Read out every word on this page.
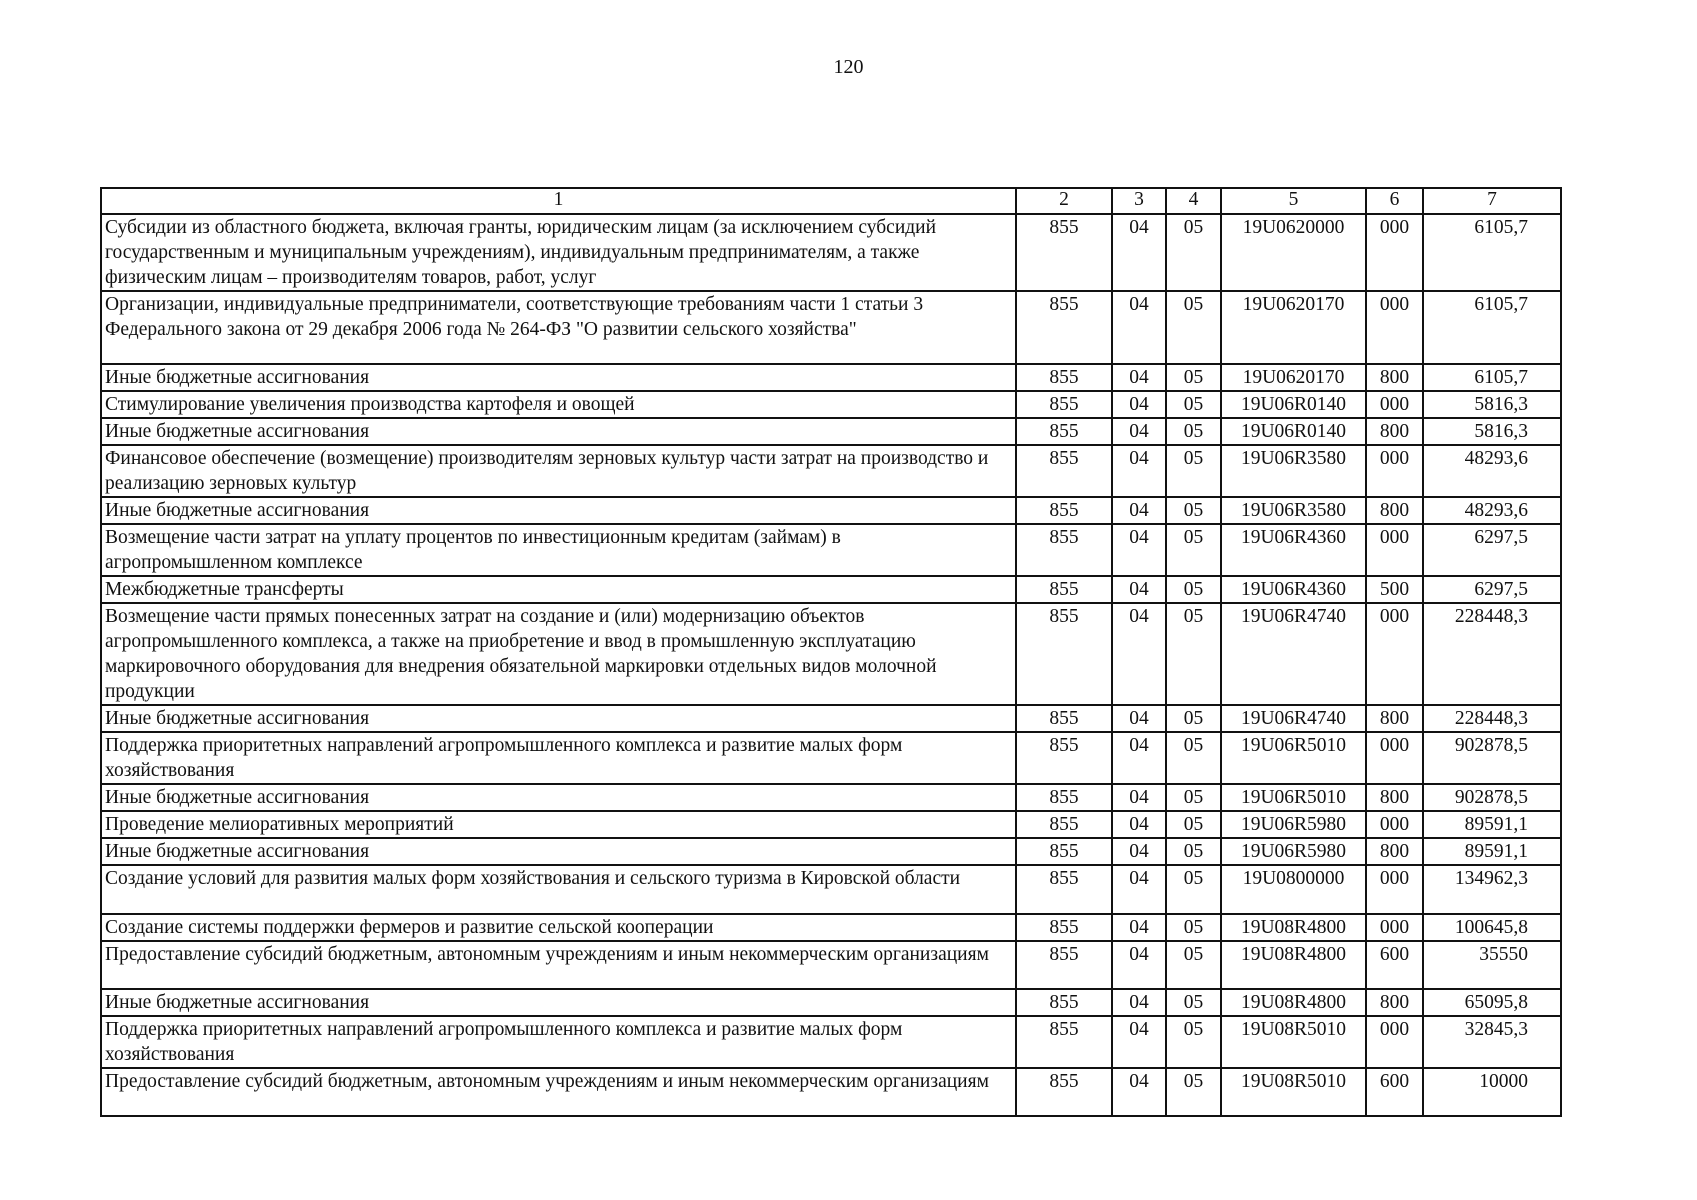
120
1	2	3	4	5	6	7
Субсидии из областного бюджета, включая гранты, юридическим лицам (за исключением субсидий государственным и муниципальным учреждениям), индивидуальным предпринимателям, а также физическим лицам – производителям товаров, работ, услуг	855	04	05	19U0620000	000	6105,7
Организации, индивидуальные предприниматели, соответствующие требованиям части 1 статьи 3 Федерального закона от 29 декабря 2006 года № 264-ФЗ "О развитии сельского хозяйства"	855	04	05	19U0620170	000	6105,7
Иные бюджетные ассигнования	855	04	05	19U0620170	800	6105,7
Стимулирование увеличения производства картофеля и овощей	855	04	05	19U06R0140	000	5816,3
Иные бюджетные ассигнования	855	04	05	19U06R0140	800	5816,3
Финансовое обеспечение (возмещение) производителям зерновых культур части затрат на производство и реализацию зерновых культур	855	04	05	19U06R3580	000	48293,6
Иные бюджетные ассигнования	855	04	05	19U06R3580	800	48293,6
Возмещение части затрат на уплату процентов по инвестиционным кредитам (займам) в агропромышленном комплексе	855	04	05	19U06R4360	000	6297,5
Межбюджетные трансферты	855	04	05	19U06R4360	500	6297,5
Возмещение части прямых понесенных затрат на создание и (или) модернизацию объектов агропромышленного комплекса, а также на приобретение и ввод в промышленную эксплуатацию маркировочного оборудования для внедрения обязательной маркировки отдельных видов молочной продукции	855	04	05	19U06R4740	000	228448,3
Иные бюджетные ассигнования	855	04	05	19U06R4740	800	228448,3
Поддержка приоритетных направлений агропромышленного комплекса и развитие малых форм хозяйствования	855	04	05	19U06R5010	000	902878,5
Иные бюджетные ассигнования	855	04	05	19U06R5010	800	902878,5
Проведение мелиоративных мероприятий	855	04	05	19U06R5980	000	89591,1
Иные бюджетные ассигнования	855	04	05	19U06R5980	800	89591,1
Создание условий для развития малых форм хозяйствования и сельского туризма в Кировской области	855	04	05	19U0800000	000	134962,3
Создание системы поддержки фермеров и развитие сельской кооперации	855	04	05	19U08R4800	000	100645,8
Предоставление субсидий бюджетным, автономным учреждениям и иным некоммерческим организациям	855	04	05	19U08R4800	600	35550
Иные бюджетные ассигнования	855	04	05	19U08R4800	800	65095,8
Поддержка приоритетных направлений агропромышленного комплекса и развитие малых форм хозяйствования	855	04	05	19U08R5010	000	32845,3
Предоставление субсидий бюджетным, автономным учреждениям и иным некоммерческим организациям	855	04	05	19U08R5010	600	10000
